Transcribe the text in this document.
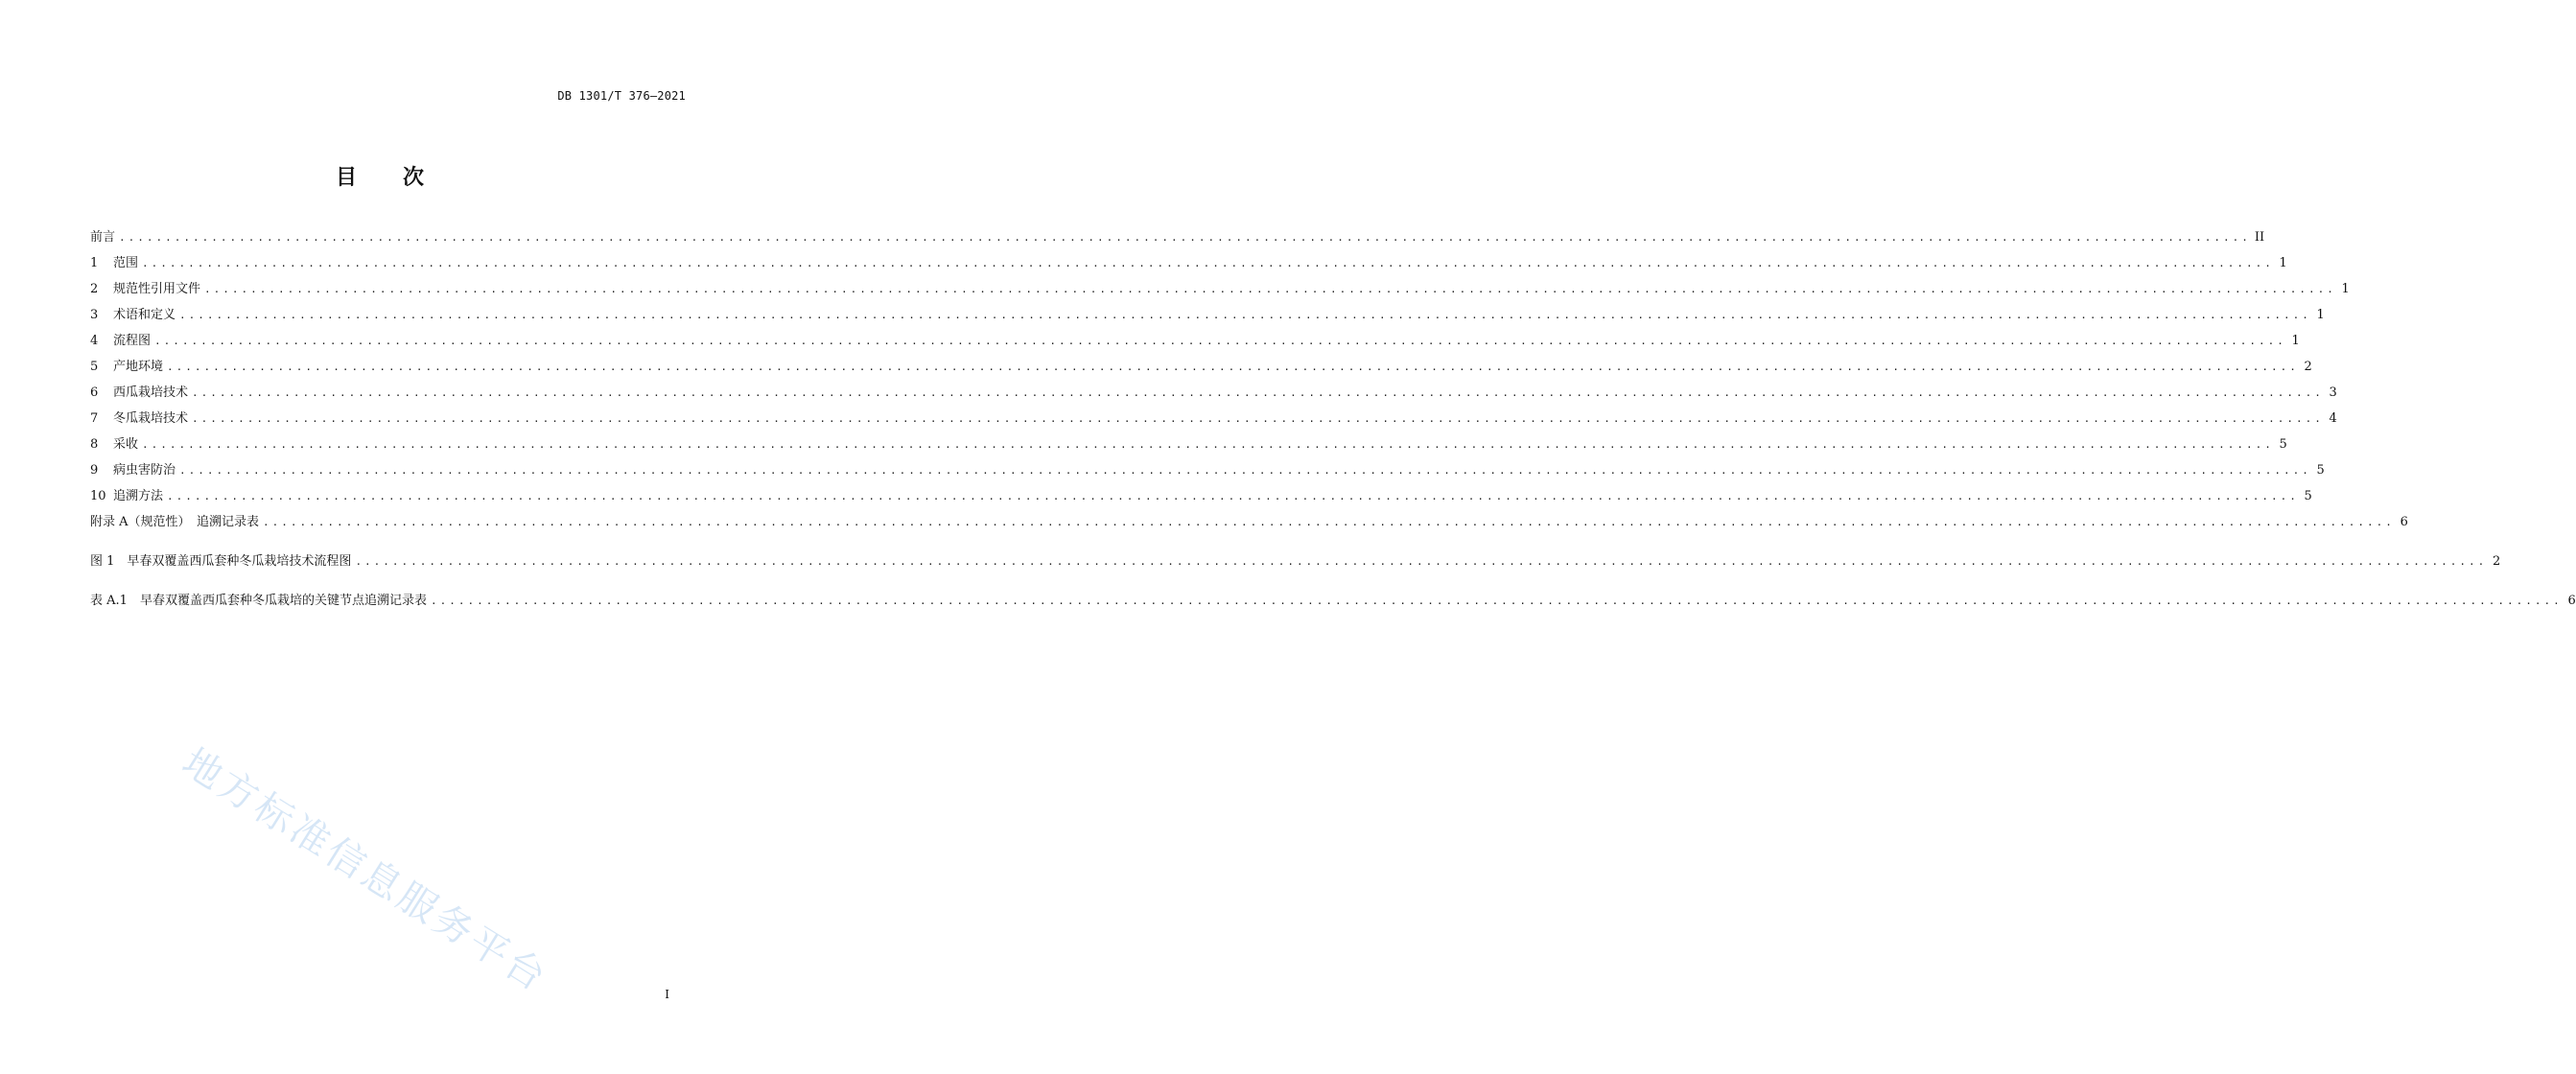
DB 1301/T 376—2021
目 次
前言 ....................................................................................................................................................................................................................................... II
1 范围 ....................................................................................................................................................................................................................................... 1
2 规范性引用文件 ....................................................................................................................................................................................................................................... 1
3 术语和定义 ....................................................................................................................................................................................................................................... 1
4 流程图 ....................................................................................................................................................................................................................................... 1
5 产地环境 ....................................................................................................................................................................................................................................... 2
6 西瓜栽培技术 ....................................................................................................................................................................................................................................... 3
7 冬瓜栽培技术 ....................................................................................................................................................................................................................................... 4
8 采收 ....................................................................................................................................................................................................................................... 5
9 病虫害防治 ....................................................................................................................................................................................................................................... 5
10 追溯方法 ....................................................................................................................................................................................................................................... 5
附录 A（规范性）　追溯记录表 ....................................................................................................................................................................................................................................... 6
图 1　 早春双覆盖西瓜套种冬瓜栽培技术流程图 ....................................................................................................................................................................................................................................... 2
表 A.1　 早春双覆盖西瓜套种冬瓜栽培的关键节点追溯记录表 ....................................................................................................................................................................................................................................... 6
地方标准信息服务平台	I
